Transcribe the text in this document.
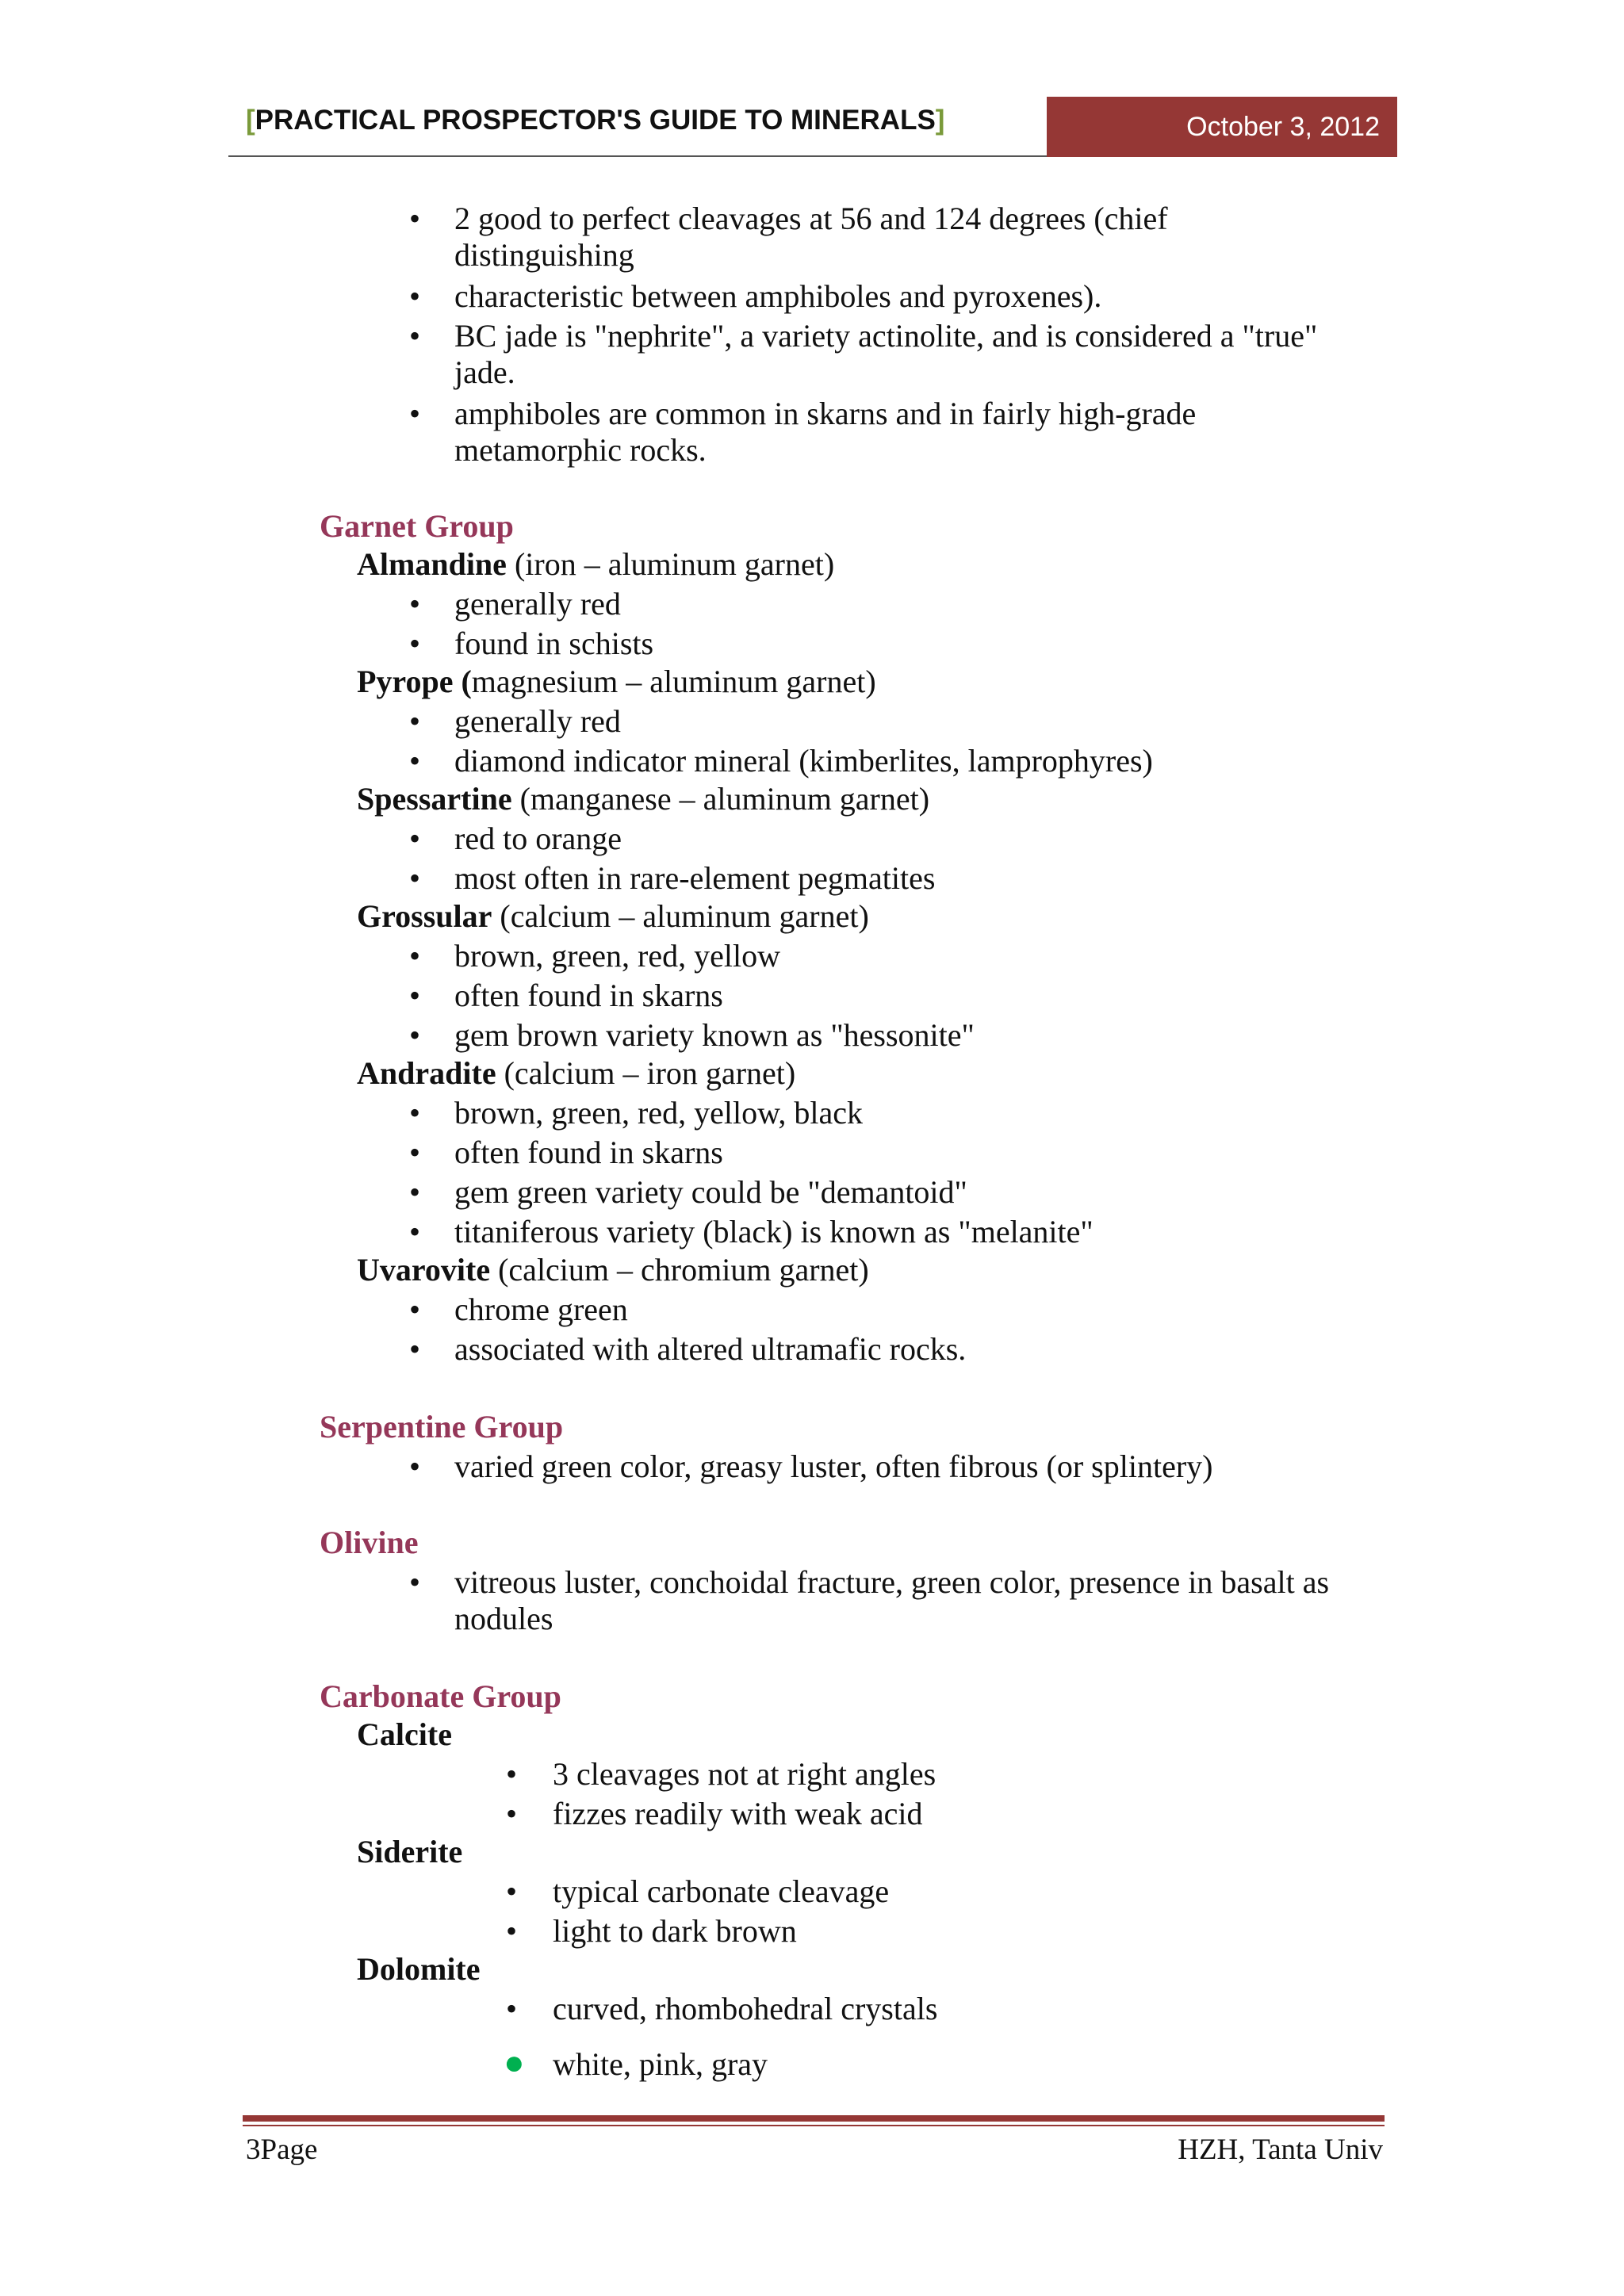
[PRACTICAL PROSPECTOR'S GUIDE TO MINERALS]	October 3, 2012
• 2 good to perfect cleavages at 56 and 124 degrees (chief
distinguishing
• characteristic between amphiboles and pyroxenes).
• BC jade is "nephrite", a variety actinolite, and is considered a "true"
jade.
• amphiboles are common in skarns and in fairly high-grade
metamorphic rocks.
Garnet Group
Almandine (iron – aluminum garnet)
• generally red
• found in schists
Pyrope (magnesium – aluminum garnet)
• generally red
• diamond indicator mineral (kimberlites, lamprophyres)
Spessartine (manganese – aluminum garnet)
• red to orange
• most often in rare-element pegmatites
Grossular (calcium – aluminum garnet)
• brown, green, red, yellow
• often found in skarns
• gem brown variety known as "hessonite"
Andradite (calcium – iron garnet)
• brown, green, red, yellow, black
• often found in skarns
• gem green variety could be "demantoid"
• titaniferous variety (black) is known as "melanite"
Uvarovite (calcium – chromium garnet)
• chrome green
• associated with altered ultramafic rocks.
Serpentine Group
• varied green color, greasy luster, often fibrous (or splintery)
Olivine
• vitreous luster, conchoidal fracture, green color, presence in basalt as
nodules
Carbonate Group
Calcite
• 3 cleavages not at right angles
• fizzes readily with weak acid
Siderite
• typical carbonate cleavage
• light to dark brown
Dolomite
• curved, rhombohedral crystals
● white, pink, gray
3Page	HZH, Tanta Univ
